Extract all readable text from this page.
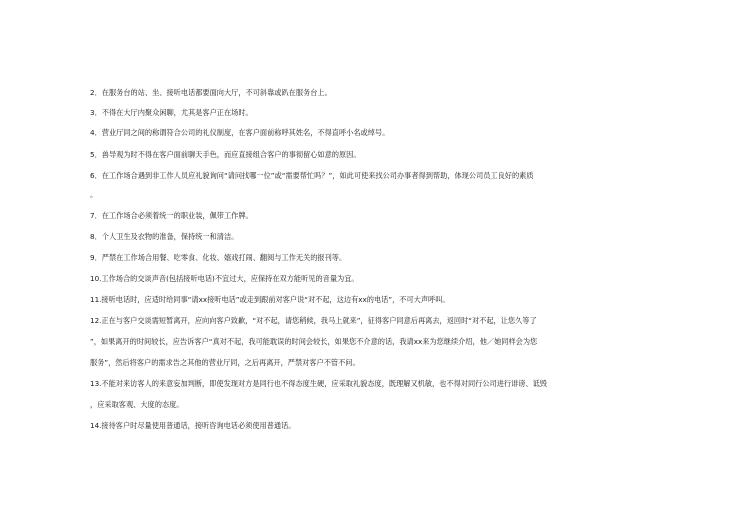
2．在服务台的站、坐、接听电话都要面向大厅，不可斜靠或趴在服务台上。
3．不得在大厅内聚众闲聊，尤其是客户正在场时。
4．营业厅同之间的称谓符合公司的礼仪制度，在客户面前称呼其姓名，不得直呼小名或绰号。
5．兽导观为时不得在客户面前聊天手色，而应直接组合客户的事彻留心如意的原因。
6．在工作场合遇到非工作人员应礼貌询问“请问找哪一位”或“需要帮忙吗？”，如此可使来找公司办事者得到帮助，体现公司员工良好的素质
。
7．在工作场合必须着统一的职业装，佩带工作牌。
8．个人卫生及衣物的准备，保持统一和清洁。
9．严禁在工作场合用餐、吃零食、化妆、嬉戏打闹、翻阅与工作无关的报刊等。
10.工作场合的交谈声音(包括接听电话)不宜过大，应保持在双方能听见的音量为宜。
11.接听电话时，应适时给同事“请xx接听电话”或走到跟前对客户说“对不起，这边有xx的电话”，不可大声呼叫。
12.正在与客户交谈需短暂离开，应向向客户致歉，“对不起，请您稍候，我马上就来”，征得客户同意后再离去，返回时“对不起，让您久等了
”，如果离开的时间较长，应告诉客户“真对不起，我可能耽误的时间会较长，如果您不介意的话，我请xx来为您继续介绍，他／她同样会为您
服务”，然后将客户的需求告之其他的营业厅同，之后再离开，严禁对客户不管不问。
13.不能对来访客人的来意妄加判断，即使发现对方是同行也不得态度生硬，应采取礼貌态度，既理解又机敏，也不得对同行公司进行诽谤、诋毁
，应采取客观、大度的态度。
14.接待客户时尽量使用普通话，接听咨询电话必须使用普通话。
